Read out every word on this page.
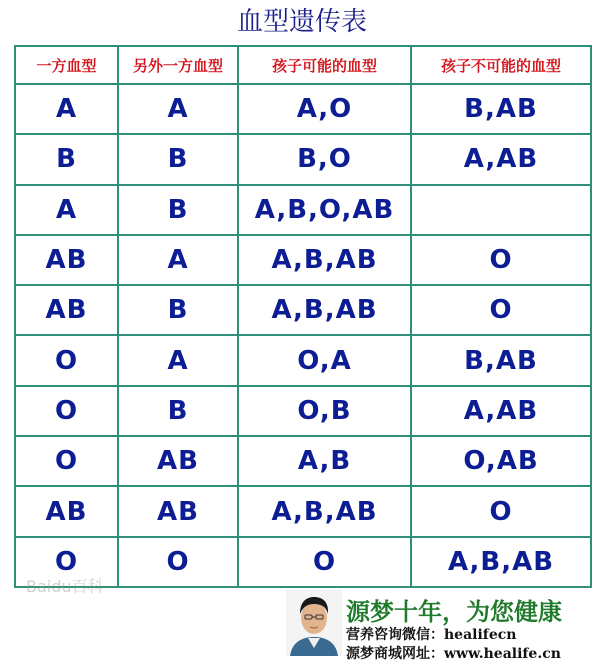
血型遗传表
一方血型	另外一方血型	孩子可能的血型	孩子不可能的血型
A	A	A,O	B,AB
B	B	B,O	A,AB
A	B	A,B,O,AB	
AB	A	A,B,AB	O
AB	B	A,B,AB	O
O	A	O,A	B,AB
O	B	O,B	A,AB
O	AB	A,B	O,AB
AB	AB	A,B,AB	O
O	O	O	A,B,AB
Baidu百科
源梦十年，为您健康
营养咨询微信：healifecn
源梦商城网址：www.healife.cn
